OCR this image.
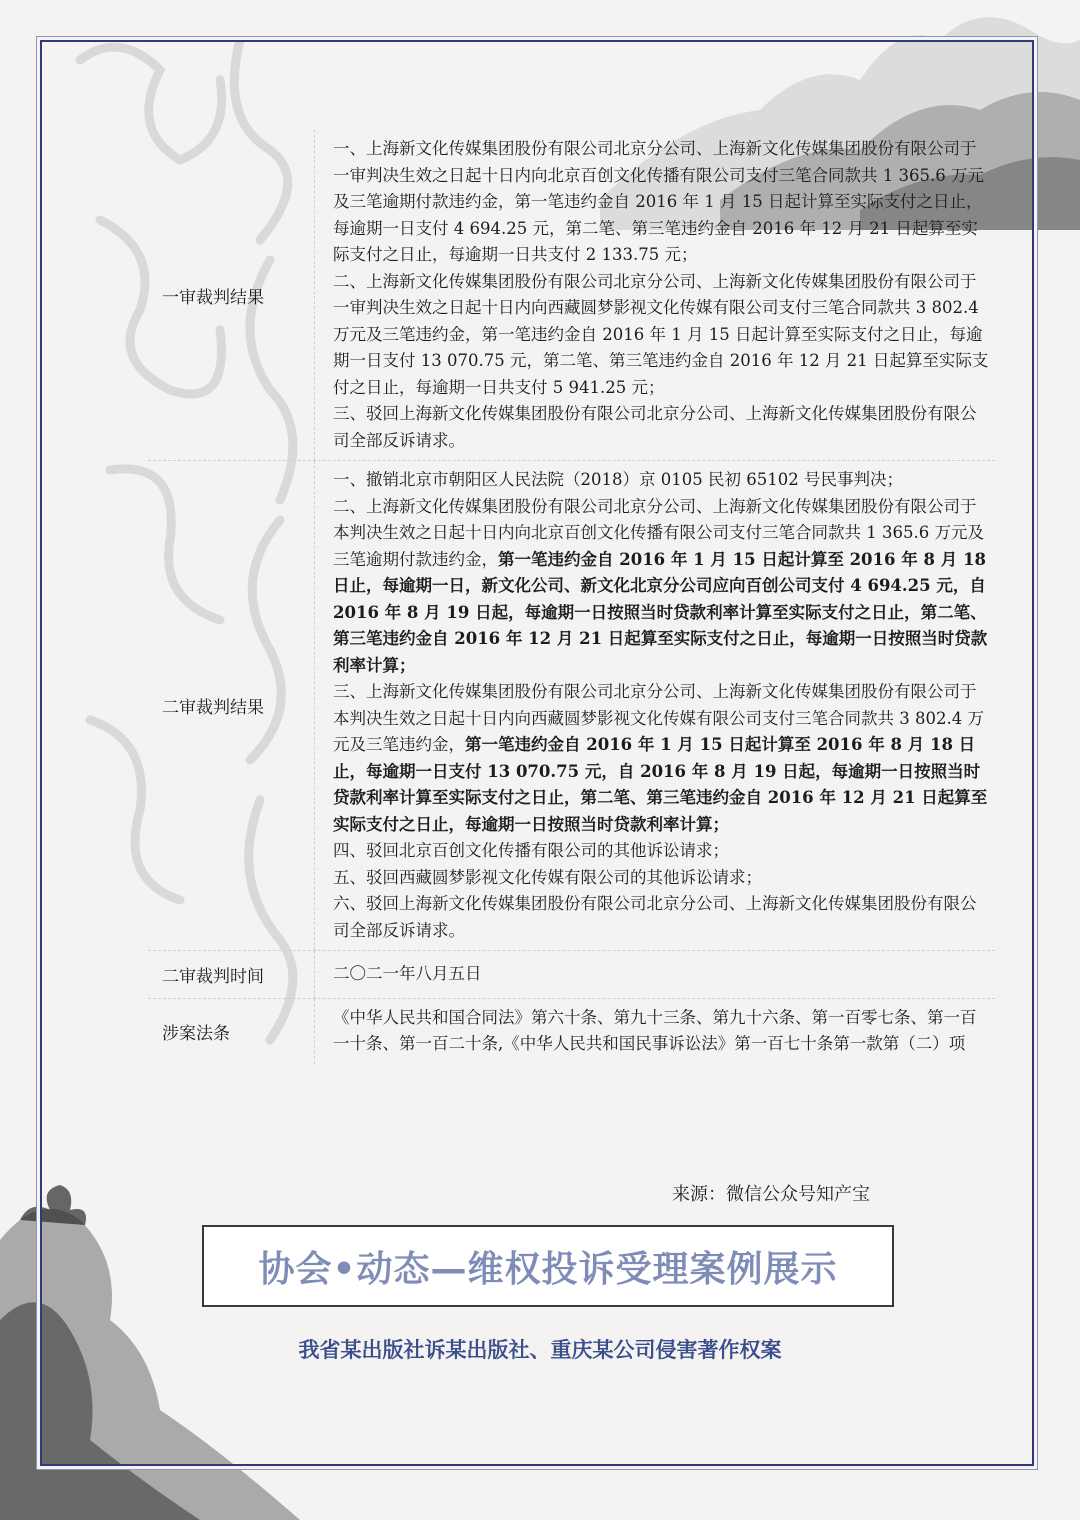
一审裁判结果

一、上海新文化传媒集团股份有限公司北京分公司、上海新文化传媒集团股份有限公司于一审判决生效之日起十日内向北京百创文化传播有限公司支付三笔合同款共 1 365.6 万元及三笔逾期付款违约金，第一笔违约金自 2016 年 1 月 15 日起计算至实际支付之日止，每逾期一日支付 4 694.25 元，第二笔、第三笔违约金自 2016 年 12 月 21 日起算至实际支付之日止，每逾期一日共支付 2 133.75 元；

二、上海新文化传媒集团股份有限公司北京分公司、上海新文化传媒集团股份有限公司于一审判决生效之日起十日内向西藏圆梦影视文化传媒有限公司支付三笔合同款共 3 802.4 万元及三笔违约金，第一笔违约金自 2016 年 1 月 15 日起计算至实际支付之日止，每逾期一日支付 13 070.75 元，第二笔、第三笔违约金自 2016 年 12 月 21 日起算至实际支付之日止，每逾期一日共支付 5 941.25 元；

三、驳回上海新文化传媒集团股份有限公司北京分公司、上海新文化传媒集团股份有限公司全部反诉请求。

二审裁判结果

一、撤销北京市朝阳区人民法院（2018）京 0105 民初 65102 号民事判决；

二、上海新文化传媒集团股份有限公司北京分公司、上海新文化传媒集团股份有限公司于本判决生效之日起十日内向北京百创文化传播有限公司支付三笔合同款共 1 365.6 万元及三笔逾期付款违约金，第一笔违约金自 2016 年 1 月 15 日起计算至 2016 年 8 月 18 日止，每逾期一日，新文化公司、新文化北京分公司应向百创公司支付 4 694.25 元，自 2016 年 8 月 19 日起，每逾期一日按照当时贷款利率计算至实际支付之日止，第二笔、第三笔违约金自 2016 年 12 月 21 日起算至实际支付之日止，每逾期一日按照当时贷款利率计算；

三、上海新文化传媒集团股份有限公司北京分公司、上海新文化传媒集团股份有限公司于本判决生效之日起十日内向西藏圆梦影视文化传媒有限公司支付三笔合同款共 3 802.4 万元及三笔违约金，第一笔违约金自 2016 年 1 月 15 日起计算至 2016 年 8 月 18 日止，每逾期一日支付 13 070.75 元，自 2016 年 8 月 19 日起，每逾期一日按照当时贷款利率计算至实际支付之日止，第二笔、第三笔违约金自 2016 年 12 月 21 日起算至实际支付之日止，每逾期一日按照当时贷款利率计算；

四、驳回北京百创文化传播有限公司的其他诉讼请求；

五、驳回西藏圆梦影视文化传媒有限公司的其他诉讼请求；

六、驳回上海新文化传媒集团股份有限公司北京分公司、上海新文化传媒集团股份有限公司全部反诉请求。

二审裁判时间	二〇二一年八月五日

涉案法条

《中华人民共和国合同法》第六十条、第九十三条、第九十六条、第一百零七条、第一百一十条、第一百二十条,《中华人民共和国民事诉讼法》第一百七十条第一款第（二）项

来源：微信公众号知产宝
协会•动态—维权投诉受理案例展示
我省某出版社诉某出版社、重庆某公司侵害著作权案
